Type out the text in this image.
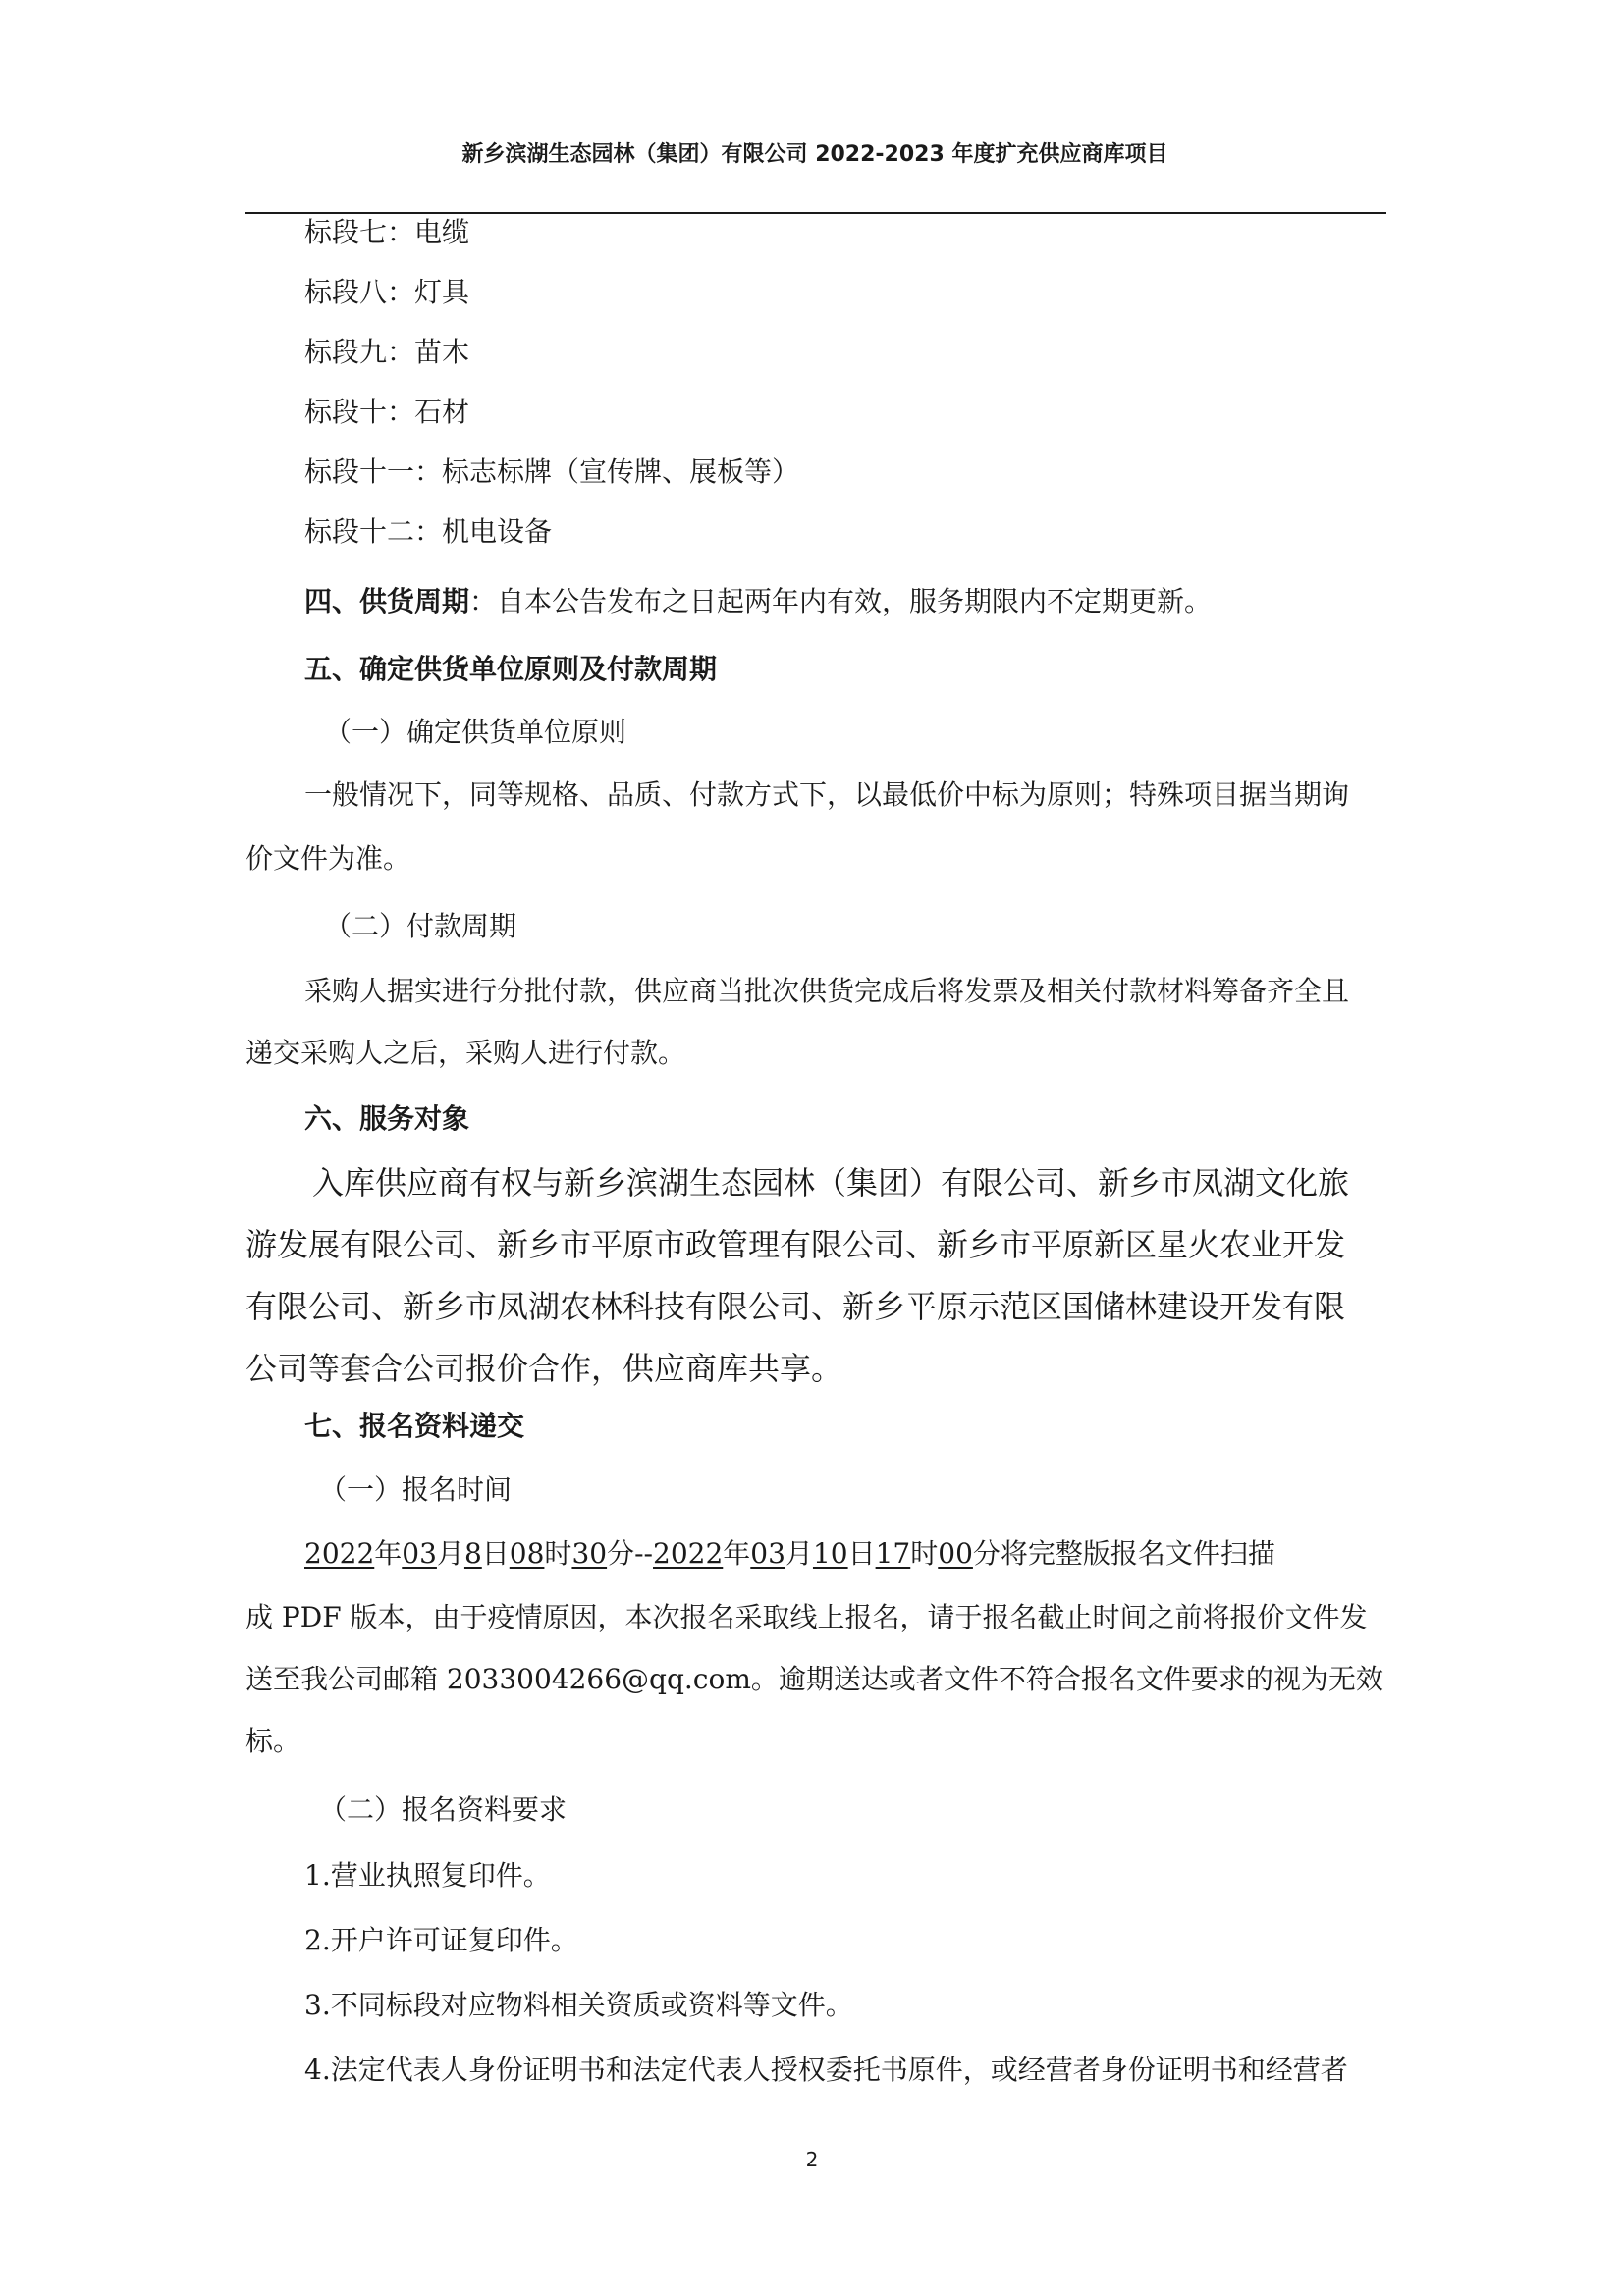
新乡滨湖生态园林（集团）有限公司 2022-2023 年度扩充供应商库项目
标段七：电缆
标段八：灯具
标段九：苗木
标段十：石材
标段十一：标志标牌（宣传牌、展板等）
标段十二：机电设备
四、供货周期：自本公告发布之日起两年内有效，服务期限内不定期更新。
五、确定供货单位原则及付款周期
（一）确定供货单位原则
一般情况下，同等规格、品质、付款方式下，以最低价中标为原则；特殊项目据当期询
价文件为准。
（二）付款周期
采购人据实进行分批付款，供应商当批次供货完成后将发票及相关付款材料筹备齐全且
递交采购人之后，采购人进行付款。
六、服务对象
入库供应商有权与新乡滨湖生态园林（集团）有限公司、新乡市凤湖文化旅
游发展有限公司、新乡市平原市政管理有限公司、新乡市平原新区星火农业开发
有限公司、新乡市凤湖农林科技有限公司、新乡平原示范区国储林建设开发有限
公司等套合公司报价合作，供应商库共享。
七、报名资料递交
（一）报名时间
2022年03月8日08时30分--2022年03月10日17时00分将完整版报名文件扫描
成 PDF 版本，由于疫情原因，本次报名采取线上报名，请于报名截止时间之前将报价文件发
送至我公司邮箱 2033004266@qq.com。逾期送达或者文件不符合报名文件要求的视为无效
标。
（二）报名资料要求
1.营业执照复印件。
2.开户许可证复印件。
3.不同标段对应物料相关资质或资料等文件。
4.法定代表人身份证明书和法定代表人授权委托书原件，或经营者身份证明书和经营者
2
